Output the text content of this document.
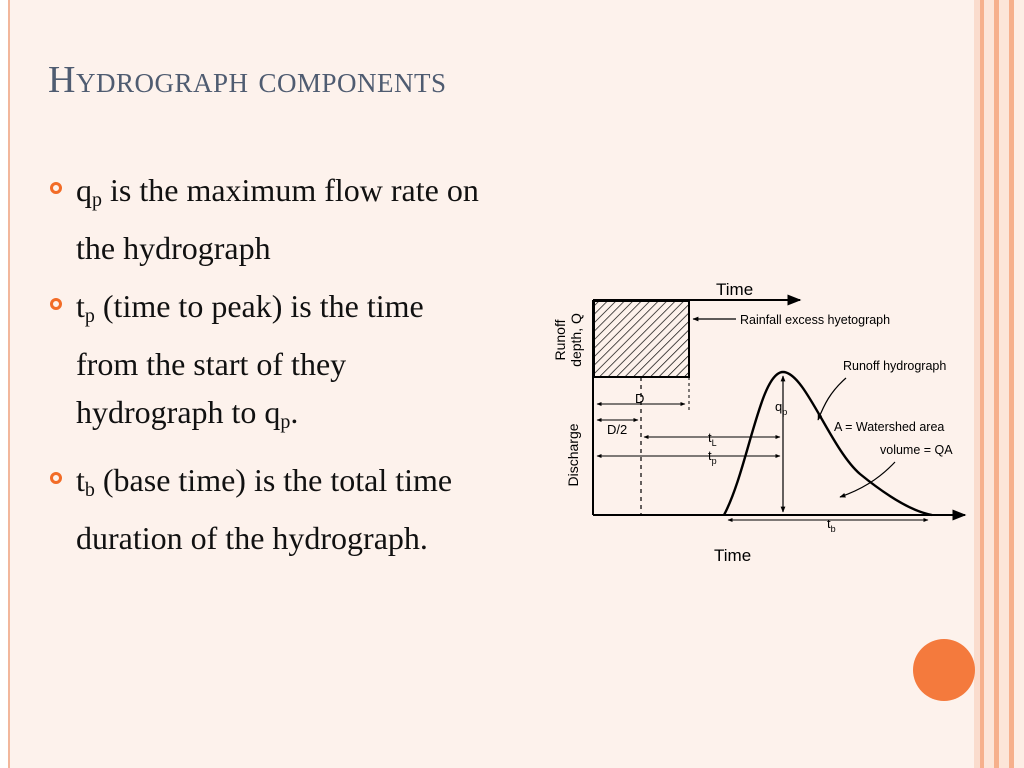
Hydrograph components
$q_p$ is the maximum flow rate on the hydrograph
$t_p$ (time to peak) is the time from the start of they hydrograph to $q_p$.
$t_b$ (base time) is the total time duration of the hydrograph.
Time
Time
Runoff depth, Q
Discharge
Rainfall excess hyetograph
Runoff hydrograph
A = Watershed area
volume = QA
D
D/2
$q_p$
$t_L$
$t_p$
$t_b$
